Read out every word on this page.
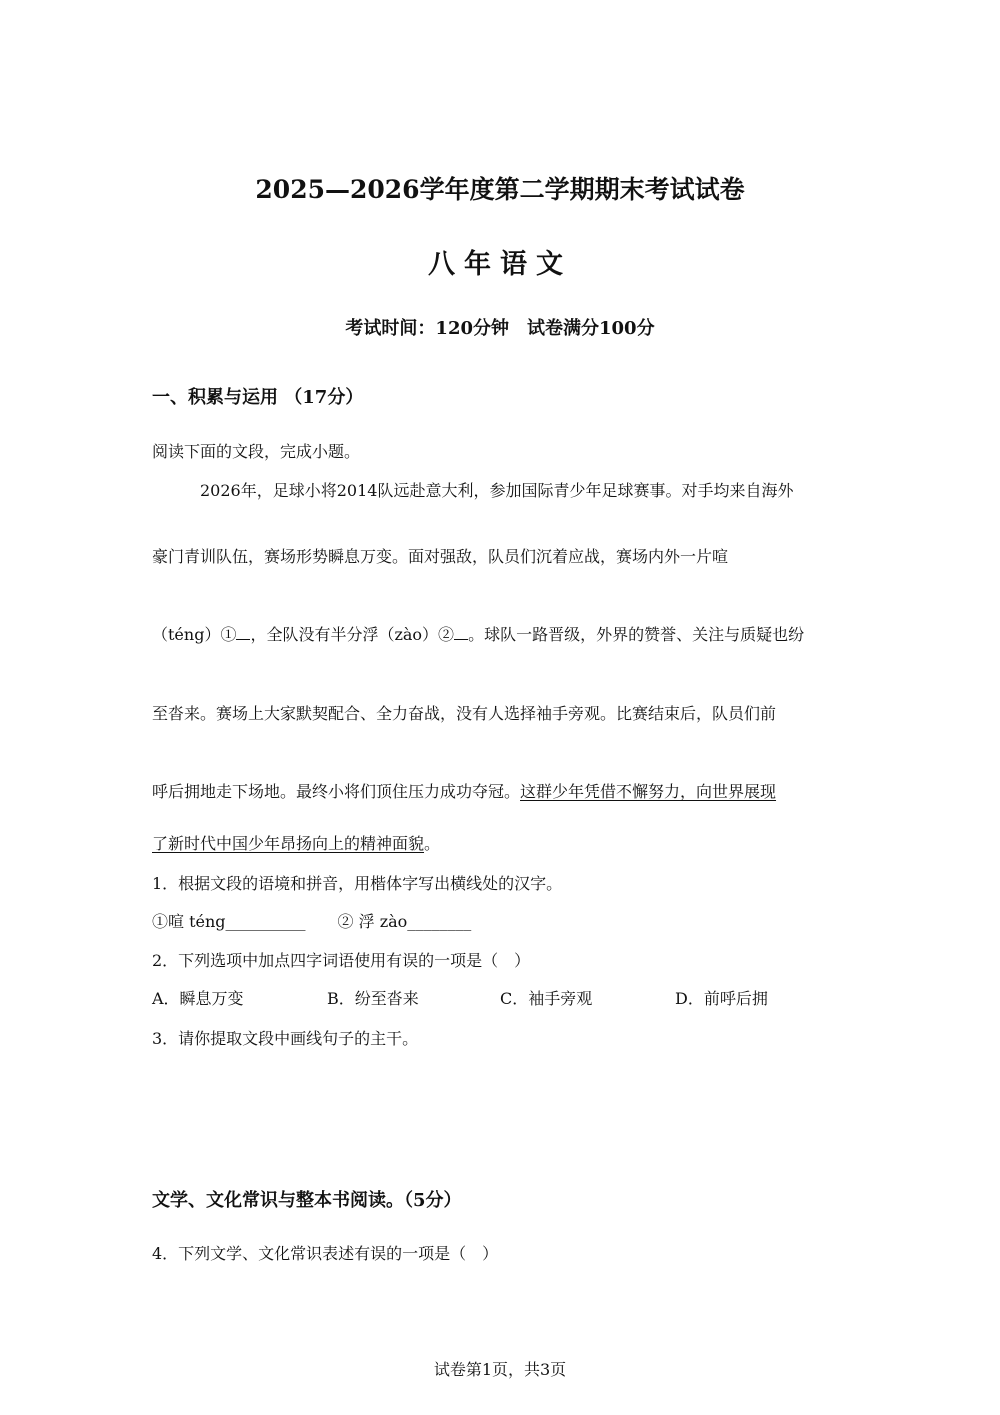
2025—2026学年度第二学期期末考试试卷
八年语文

考试时间：120分钟　试卷满分100分

一、积累与运用 （17分）

阅读下面的文段，完成小题。

2026年，足球小将2014队远赴意大利，参加国际青少年足球赛事。对手均来自海外

豪门青训队伍，赛场形势瞬息万变。面对强敌，队员们沉着应战，赛场内外一片喧

（téng）① ，全队没有半分浮（zào）② 。球队一路晋级，外界的赞誉、关注与质疑也纷

至沓来。赛场上大家默契配合、全力奋战，没有人选择袖手旁观。比赛结束后，队员们前

呼后拥地走下场地。最终小将们顶住压力成功夺冠。这群少年凭借不懈努力，向世界展现

了新时代中国少年昂扬向上的精神面貌。

1．根据文段的语境和拼音，用楷体字写出横线处的汉字。

①喧 téng__________　　② 浮 zào________

2．下列选项中加点四字词语使用有误的一项是（　）

A．瞬息万变	B．纷至沓来	C．袖手旁观	D．前呼后拥

3．请你提取文段中画线句子的主干。

文学、文化常识与整本书阅读。（5分）

4．下列文学、文化常识表述有误的一项是（　）

试卷第1页，共3页
